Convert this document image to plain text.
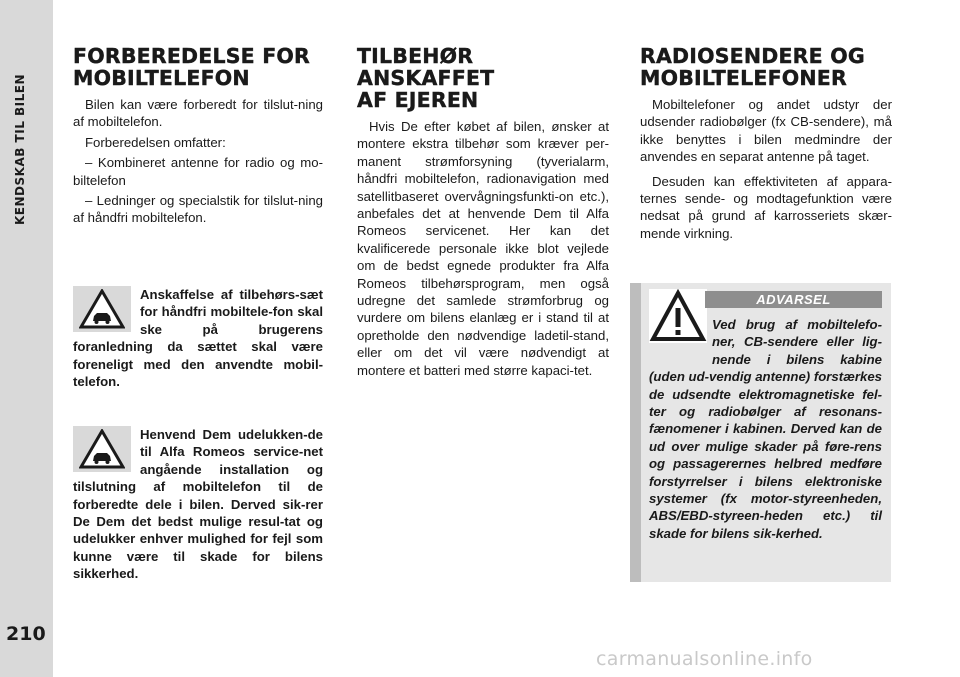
KENDSKAB TIL BILEN
210
FORBEREDELSE FOR
MOBILTELEFON

Bilen kan være forberedt for tilslut-ning af mobiltelefon.

Forberedelsen omfatter:

– Kombineret antenne for radio og mo-biltelefon

– Ledninger og specialstik for tilslut-ning af håndfri mobiltelefon.

Anskaffelse af tilbehørs-sæt for håndfri mobiltele-fon skal ske på brugerens foranledning da sættet skal være foreneligt med den anvendte mobil-telefon.

Henvend Dem udelukken-de til Alfa Romeos service-net angående installation og tilslutning af mobiltelefon til de forberedte dele i bilen. Derved sik-rer De Dem det bedst mulige resul-tat og udelukker enhver mulighed for fejl som kunne være til skade for bilens sikkerhed.

TILBEHØR ANSKAFFET
AF EJEREN

Hvis De efter købet af bilen, ønsker at montere ekstra tilbehør som kræver per-manent strømforsyning (tyverialarm, håndfri mobiltelefon, radionavigation med satellitbaseret overvågningsfunkti-on etc.), anbefales det at henvende Dem til Alfa Romeos servicenet. Her kan det kvalificerede personale ikke blot vejlede om de bedst egnede produkter fra Alfa Romeos tilbehørsprogram, men også udregne det samlede strømforbrug og vurdere om bilens elanlæg er i stand til at opretholde den nødvendige ladetil-stand, eller om det vil være nødvendigt at montere et batteri med større kapaci-tet.

RADIOSENDERE OG
MOBILTELEFONER

Mobiltelefoner og andet udstyr der udsender radiobølger (fx CB-sendere), må ikke benyttes i bilen medmindre der anvendes en separat antenne på taget.

Desuden kan effektiviteten af appara-ternes sende- og modtagefunktion være nedsat på grund af karrosseriets skær-mende virkning.

ADVARSEL

Ved brug af mobiltelefo-ner, CB-sendere eller lig-nende i bilens kabine (uden ud-vendig antenne) forstærkes de udsendte elektromagnetiske fel-ter og radiobølger af resonans-fænomener i kabinen. Derved kan de ud over mulige skader på føre-rens og passagerernes helbred medføre forstyrrelser i bilens elektroniske systemer (fx motor-styreenheden, ABS/EBD-styreen-heden etc.) til skade for bilens sik-kerhed.

carmanualsonline.info
